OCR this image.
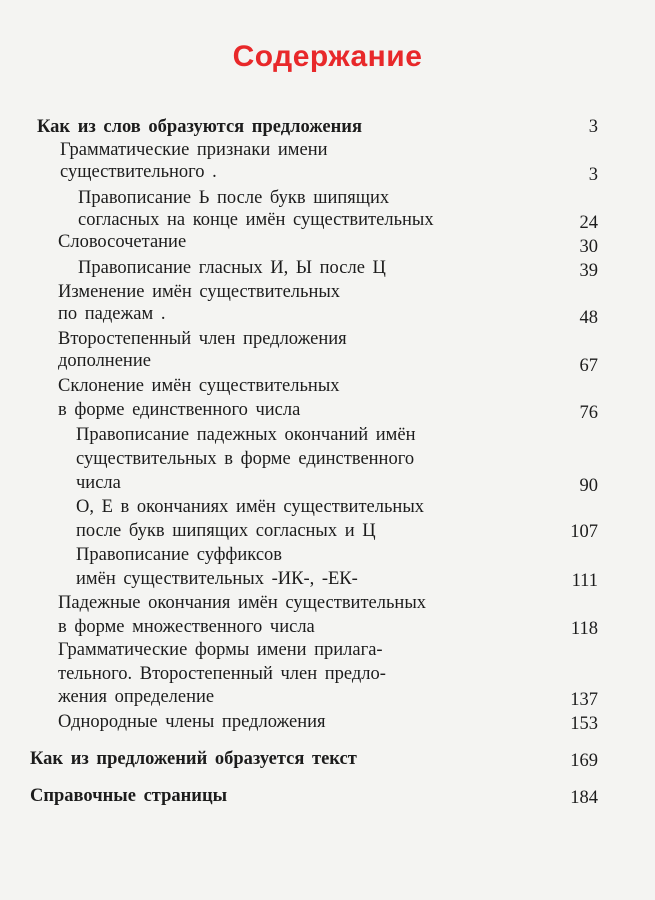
Содержание
Как из слов образуются предложения	3
Грамматические признаки имени
существительного .	3
Правописание Ь после букв шипящих
согласных на конце имён существительных	24
Словосочетание	30
Правописание гласных И, Ы после Ц	39
Изменение имён существительных
по падежам .	48
Второстепенный член предложения
дополнение	67
Склонение имён существительных
в форме единственного числа	76
Правописание падежных окончаний имён
существительных в форме единственного
числа	90
О, Е в окончаниях имён существительных
после букв шипящих согласных и Ц	107
Правописание суффиксов
имён существительных -ИК-, -ЕК-	111
Падежные окончания имён существительных
в форме множественного числа	118
Грамматические формы имени прилага-
тельного. Второстепенный член предло-
жения определение	137
Однородные члены предложения	153
Как из предложений образуется текст	169
Справочные страницы	184
